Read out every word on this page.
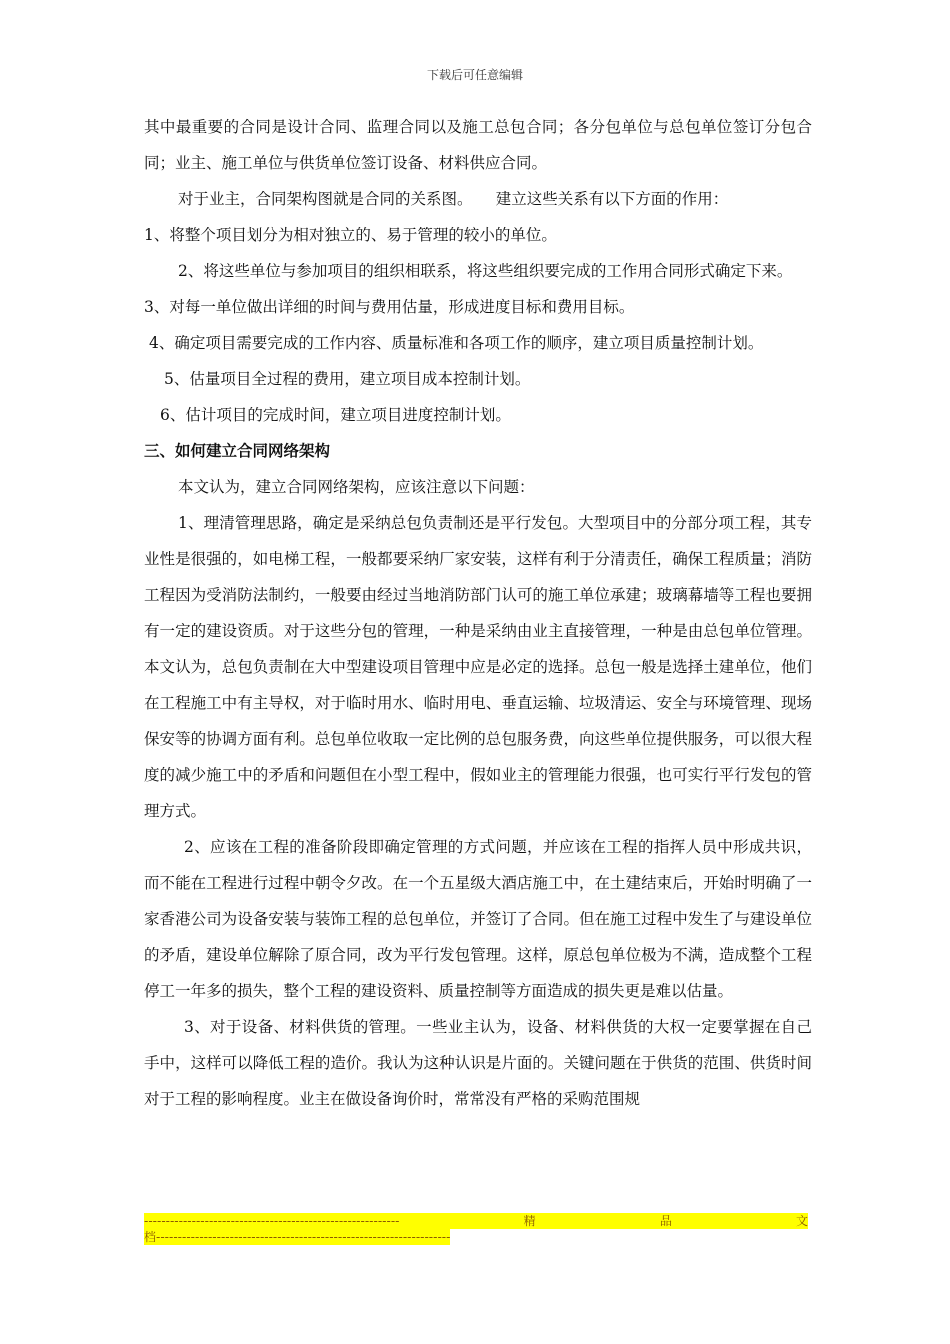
下载后可任意编辑

其中最重要的合同是设计合同、监理合同以及施工总包合同；各分包单位与总包单位签订分包合同；业主、施工单位与供货单位签订设备、材料供应合同。

对于业主，合同架构图就是合同的关系图。　　建立这些关系有以下方面的作用：

1、将整个项目划分为相对独立的、易于管理的较小的单位。

2、将这些单位与参加项目的组织相联系，将这些组织要完成的工作用合同形式确定下来。

3、对每一单位做出详细的时间与费用估量，形成进度目标和费用目标。

4、确定项目需要完成的工作内容、质量标准和各项工作的顺序，建立项目质量控制计划。

5、估量项目全过程的费用，建立项目成本控制计划。

6、估计项目的完成时间，建立项目进度控制计划。

三、如何建立合同网络架构

本文认为，建立合同网络架构，应该注意以下问题：

1、理清管理思路，确定是采纳总包负责制还是平行发包。大型项目中的分部分项工程，其专业性是很强的，如电梯工程，一般都要采纳厂家安装，这样有利于分清责任，确保工程质量；消防工程因为受消防法制约，一般要由经过当地消防部门认可的施工单位承建；玻璃幕墙等工程也要拥有一定的建设资质。对于这些分包的管理，一种是采纳由业主直接管理，一种是由总包单位管理。本文认为，总包负责制在大中型建设项目管理中应是必定的选择。总包一般是选择土建单位，他们在工程施工中有主导权，对于临时用水、临时用电、垂直运输、垃圾清运、安全与环境管理、现场保安等的协调方面有利。总包单位收取一定比例的总包服务费，向这些单位提供服务，可以很大程度的减少施工中的矛盾和问题但在小型工程中，假如业主的管理能力很强，也可实行平行发包的管理方式。

2、应该在工程的准备阶段即确定管理的方式问题，并应该在工程的指挥人员中形成共识，而不能在工程进行过程中朝令夕改。在一个五星级大酒店施工中，在土建结束后，开始时明确了一家香港公司为设备安装与装饰工程的总包单位，并签订了合同。但在施工过程中发生了与建设单位的矛盾，建设单位解除了原合同，改为平行发包管理。这样，原总包单位极为不满，造成整个工程停工一年多的损失，整个工程的建设资料、质量控制等方面造成的损失更是难以估量。

3、对于设备、材料供货的管理。一些业主认为，设备、材料供货的大权一定要掌握在自己手中，这样可以降低工程的造价。我认为这种认识是片面的。关键问题在于供货的范围、供货时间对于工程的影响程度。业主在做设备询价时，常常没有严格的采购范围规

-----------------------------------------------------------	精	品	文
档--------------------------------------------------------------------
